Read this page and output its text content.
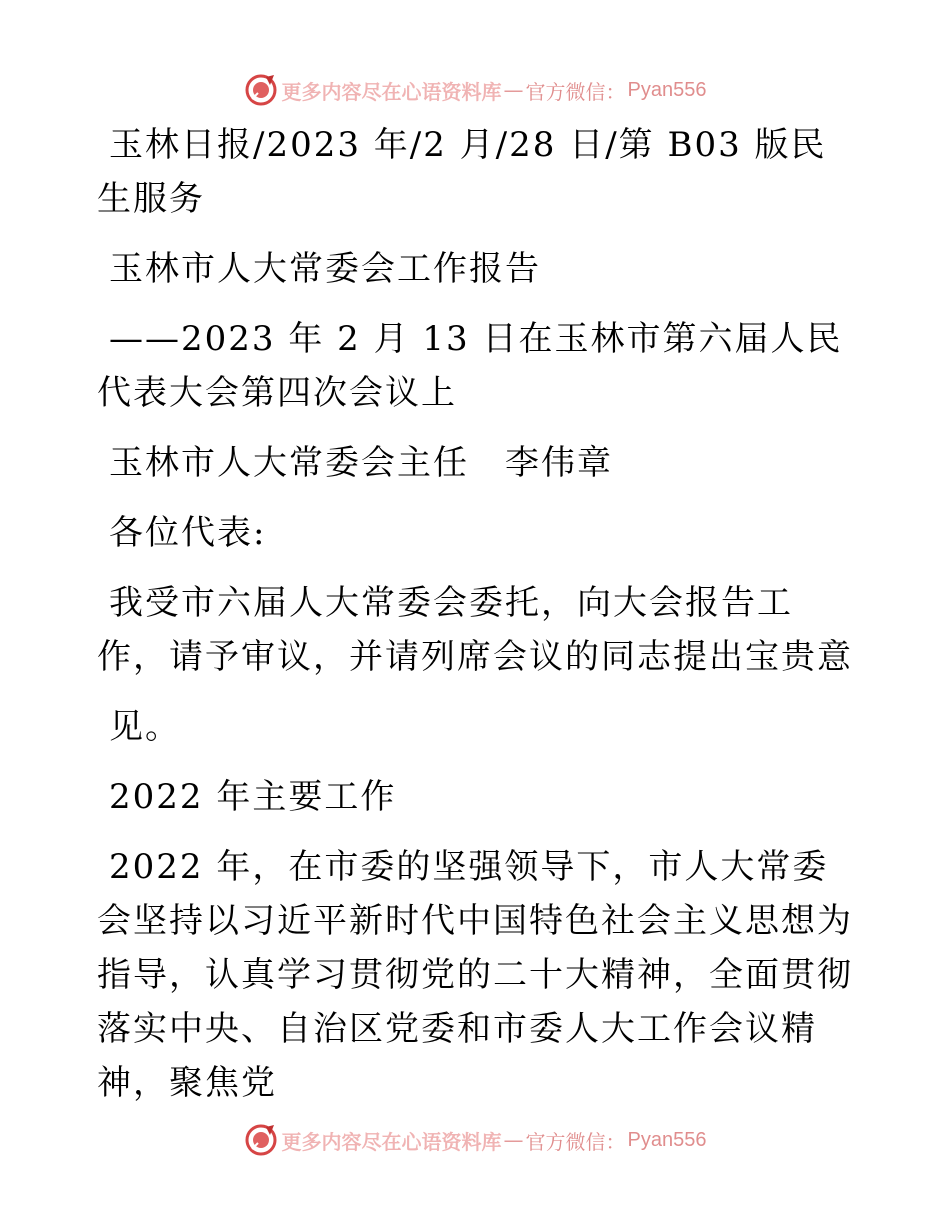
更多内容尽在心语资料库 — 官方微信： Pyan556

玉林日报/2023 年/2 月/28 日/第 B03 版民生服务

玉林市人大常委会工作报告

——2023 年 2 月 13 日在玉林市第六届人民代表大会第四次会议上

玉林市人大常委会主任　李伟章

各位代表:

我受市六届人大常委会委托，向大会报告工作，请予审议，并请列席会议的同志提出宝贵意

见。

2022 年主要工作

2022 年，在市委的坚强领导下，市人大常委会坚持以习近平新时代中国特色社会主义思想为指导，认真学习贯彻党的二十大精神，全面贯彻落实中央、自治区党委和市委人大工作会议精神，聚焦党

更多内容尽在心语资料库 — 官方微信： Pyan556
